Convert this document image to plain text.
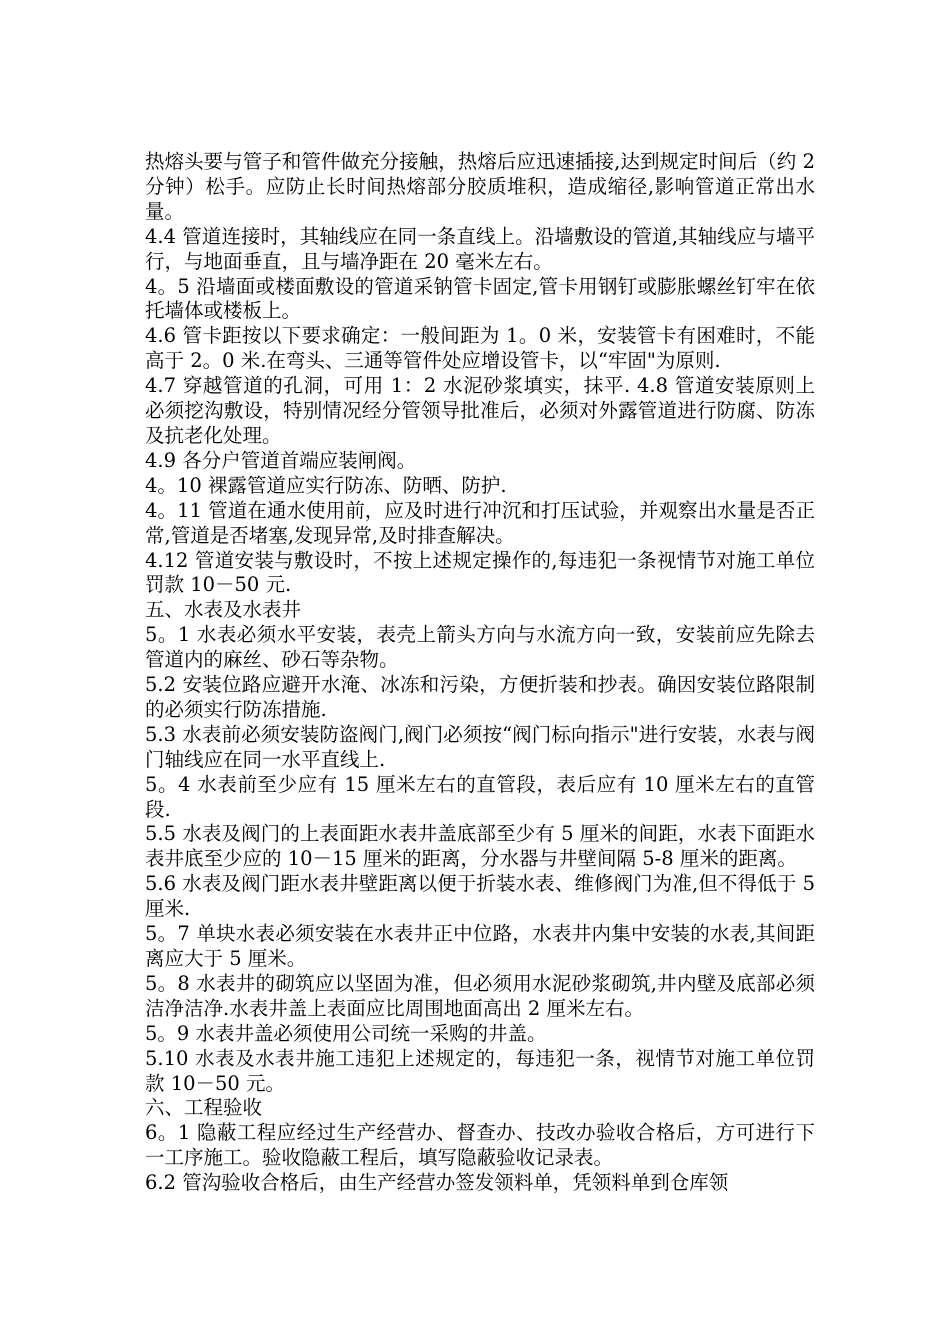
热熔头要与管子和管件做充分接触，热熔后应迅速插接,达到规定时间后（约 2 分钟）松手。应防止长时间热熔部分胶质堆积，造成缩径,影响管道正常出水量。

4.4 管道连接时，其轴线应在同一条直线上。沿墙敷设的管道,其轴线应与墙平行，与地面垂直，且与墙净距在 20 毫米左右。

4。5 沿墙面或楼面敷设的管道采钠管卡固定,管卡用钢钉或膨胀螺丝钉牢在依托墙体或楼板上。

4.6 管卡距按以下要求确定：一般间距为 1。0 米，安装管卡有困难时，不能高于 2。0 米.在弯头、三通等管件处应增设管卡，以“牢固"为原则.

4.7 穿越管道的孔洞，可用 1：2 水泥砂浆填实，抹平. 4.8 管道安装原则上必须挖沟敷设，特别情况经分管领导批准后，必须对外露管道进行防腐、防冻及抗老化处理。

4.9 各分户管道首端应装闸阀。

4。10 裸露管道应实行防冻、防晒、防护.

4。11 管道在通水使用前，应及时进行冲沉和打压试验，并观察出水量是否正常,管道是否堵塞,发现异常,及时排查解决。

4.12 管道安装与敷设时，不按上述规定操作的,每违犯一条视情节对施工单位罚款 10－50 元.

五、水表及水表井

5。1 水表必须水平安装，表壳上箭头方向与水流方向一致，安装前应先除去管道内的麻丝、砂石等杂物。

5.2 安装位路应避开水淹、冰冻和污染，方便折装和抄表。确因安装位路限制的必须实行防冻措施.

5.3 水表前必须安装防盗阀门,阀门必须按“阀门标向指示"进行安装，水表与阀门轴线应在同一水平直线上.

5。4 水表前至少应有 15 厘米左右的直管段，表后应有 10 厘米左右的直管段.

5.5 水表及阀门的上表面距水表井盖底部至少有 5 厘米的间距，水表下面距水表井底至少应的 10－15 厘米的距离，分水器与井壁间隔 5-8 厘米的距离。

5.6 水表及阀门距水表井壁距离以便于折装水表、维修阀门为准,但不得低于 5 厘米.

5。7 单块水表必须安装在水表井正中位路，水表井内集中安装的水表,其间距离应大于 5 厘米。

5。8 水表井的砌筑应以坚固为准，但必须用水泥砂浆砌筑,井内壁及底部必须洁净洁净.水表井盖上表面应比周围地面高出 2 厘米左右。

5。9 水表井盖必须使用公司统一采购的井盖。

5.10 水表及水表井施工违犯上述规定的，每违犯一条，视情节对施工单位罚款 10－50 元。

六、工程验收

6。1 隐蔽工程应经过生产经营办、督查办、技改办验收合格后，方可进行下一工序施工。验收隐蔽工程后，填写隐蔽验收记录表。

6.2 管沟验收合格后，由生产经营办签发领料单，凭领料单到仓库领
